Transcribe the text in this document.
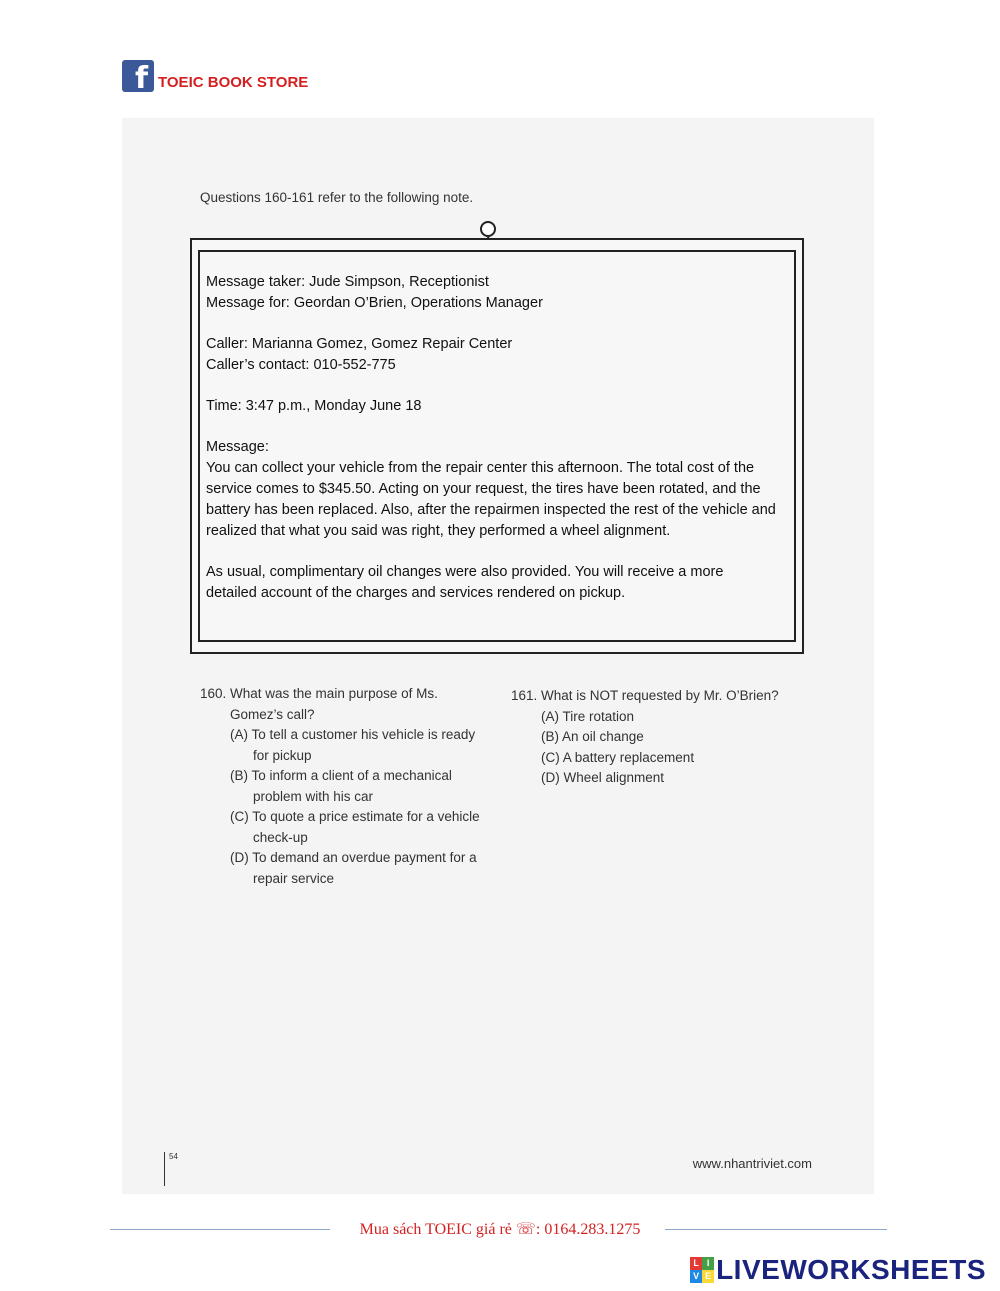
f TOEIC BOOK STORE
Questions 160-161 refer to the following note.

Message taker: Jude Simpson, Receptionist

Message for: Geordan O’Brien, Operations Manager

Caller: Marianna Gomez, Gomez Repair Center

Caller’s contact: 010-552-775

Time: 3:47 p.m., Monday June 18

Message:

You can collect your vehicle from the repair center this afternoon. The total cost of the service comes to $345.50. Acting on your request, the tires have been rotated, and the battery has been replaced. Also, after the repairmen inspected the rest of the vehicle and realized that what you said was right, they performed a wheel alignment.

As usual, complimentary oil changes were also provided. You will receive a more detailed account of the charges and services rendered on pickup.

160. What was the main purpose of Ms.
Gomez’s call?
(A) To tell a customer his vehicle is ready
for pickup
(B) To inform a client of a mechanical
problem with his car
(C) To quote a price estimate for a vehicle
check-up
(D) To demand an overdue payment for a
repair service
161. What is NOT requested by Mr. O’Brien?
(A) Tire rotation
(B) An oil change
(C) A battery replacement
(D) Wheel alignment
54	www.nhantriviet.com
Mua sách TOEIC giá rẻ ☏: 0164.283.1275
L I
V E LIVEWORKSHEETS
